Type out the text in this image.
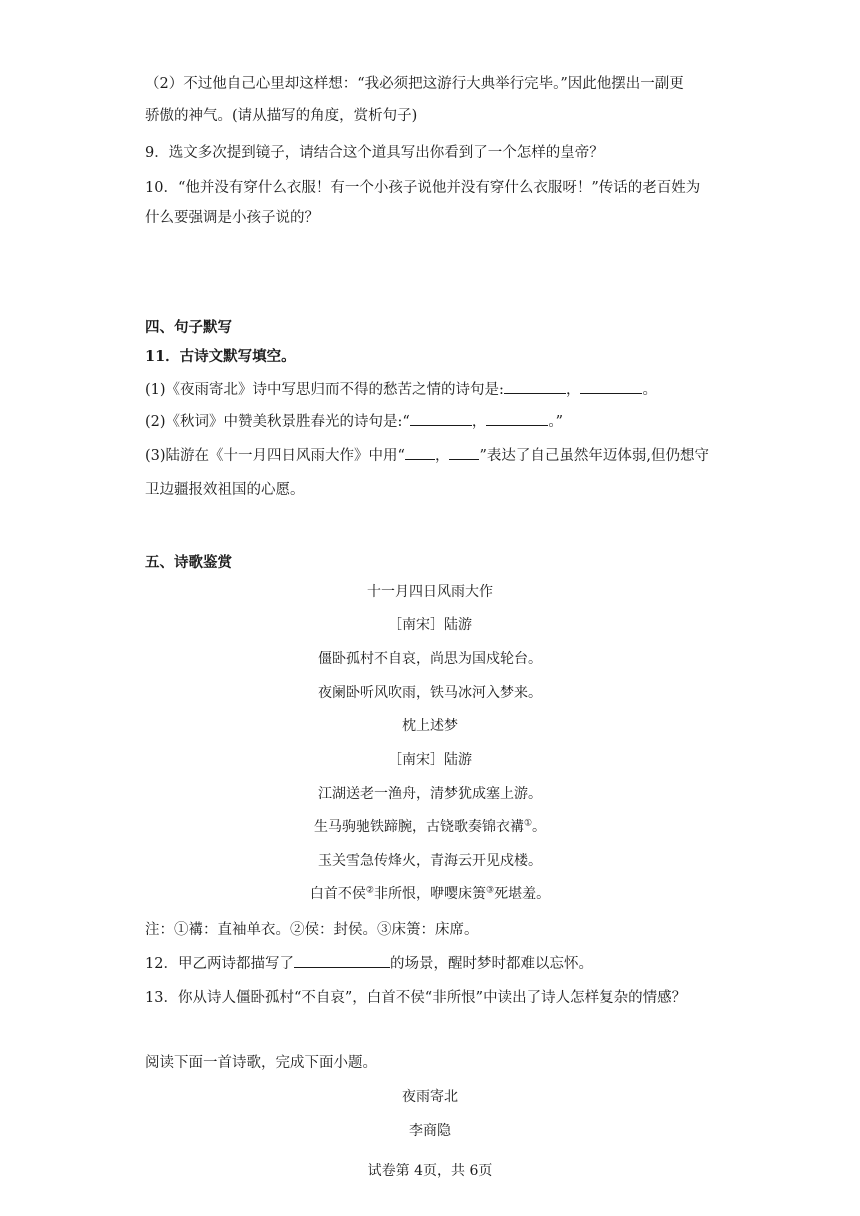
（2）不过他自己心里却这样想：“我必须把这游行大典举行完毕。”因此他摆出一副更
骄傲的神气。(请从描写的角度，赏析句子)
9．选文多次提到镜子，请结合这个道具写出你看到了一个怎样的皇帝？
10．“他并没有穿什么衣服！有一个小孩子说他并没有穿什么衣服呀！”传话的老百姓为
什么要强调是小孩子说的？
四、句子默写
11．古诗文默写填空。
(1)《夜雨寄北》诗中写思归而不得的愁苦之情的诗句是:	，	。
(2)《秋词》中赞美秋景胜春光的诗句是:“	，	。”
(3)陆游在《十一月四日风雨大作》中用“ ， ”表达了自己虽然年迈体弱,但仍想守
卫边疆报效祖国的心愿。
五、诗歌鉴赏
十一月四日风雨大作
［南宋］陆游
僵卧孤村不自哀，尚思为国戍轮台。
夜阑卧听风吹雨，铁马冰河入梦来。
枕上述梦
［南宋］陆游
江湖送老一渔舟，清梦犹成塞上游。
生马驹驰铁蹄腕，古铙歌奏锦衣褠①。
玉关雪急传烽火，青海云开见戍楼。
白首不侯②非所恨，咿嘤床箦③死堪羞。
注：①褠：直袖单衣。②侯：封侯。③床箦：床席。
12．甲乙两诗都描写了	的场景，醒时梦时都难以忘怀。
13．你从诗人僵卧孤村“不自哀”，白首不侯“非所恨”中读出了诗人怎样复杂的情感？
阅读下面一首诗歌，完成下面小题。
夜雨寄北
李商隐
试卷第 4页，共 6页
